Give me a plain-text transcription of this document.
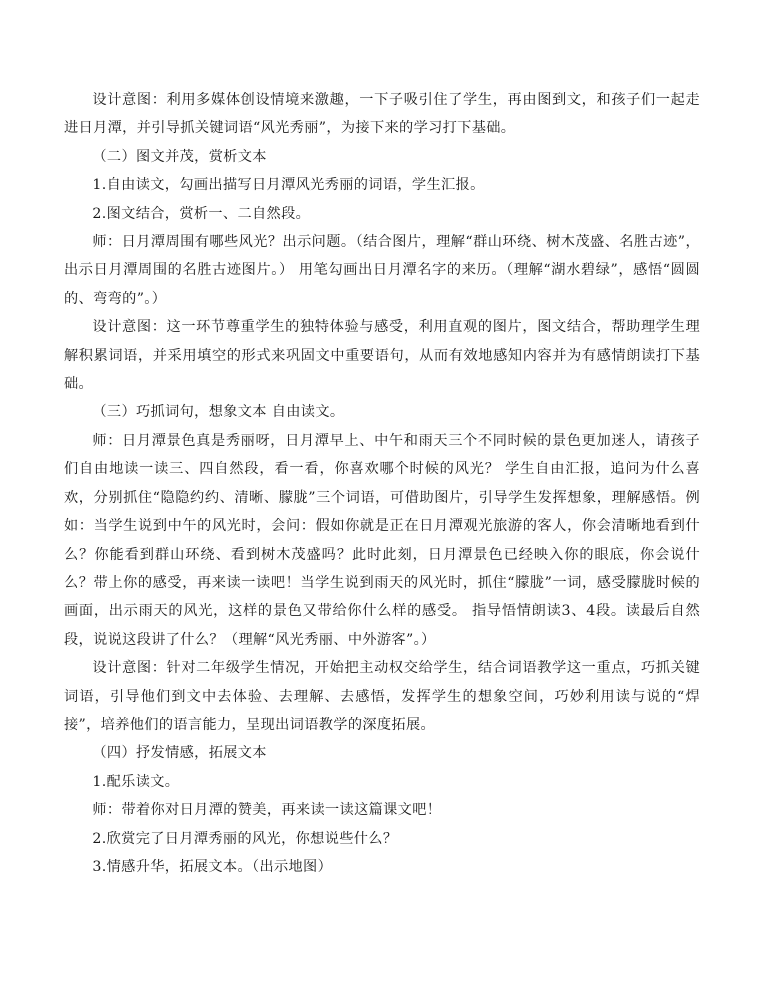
设计意图：利用多媒体创设情境来激趣，一下子吸引住了学生，再由图到文，和孩子们一起走进日月潭，并引导抓关键词语“风光秀丽”，为接下来的学习打下基础。

（二）图文并茂，赏析文本

1.自由读文，勾画出描写日月潭风光秀丽的词语，学生汇报。

2.图文结合，赏析一、二自然段。

师：日月潭周围有哪些风光？出示问题。（结合图片，理解“群山环绕、树木茂盛、名胜古迹”，出示日月潭周围的名胜古迹图片。） 用笔勾画出日月潭名字的来历。（理解“湖水碧绿”，感悟“圆圆的、弯弯的”。）

设计意图：这一环节尊重学生的独特体验与感受，利用直观的图片，图文结合，帮助理学生理解积累词语，并采用填空的形式来巩固文中重要语句，从而有效地感知内容并为有感情朗读打下基础。

（三）巧抓词句，想象文本 自由读文。

师：日月潭景色真是秀丽呀，日月潭早上、中午和雨天三个不同时候的景色更加迷人，请孩子们自由地读一读三、四自然段，看一看，你喜欢哪个时候的风光？ 学生自由汇报，追问为什么喜欢，分别抓住“隐隐约约、清晰、朦胧”三个词语，可借助图片，引导学生发挥想象，理解感悟。例如：当学生说到中午的风光时，会问：假如你就是正在日月潭观光旅游的客人，你会清晰地看到什么？你能看到群山环绕、看到树木茂盛吗？此时此刻，日月潭景色已经映入你的眼底，你会说什么？带上你的感受，再来读一读吧！当学生说到雨天的风光时，抓住“朦胧”一词，感受朦胧时候的画面，出示雨天的风光，这样的景色又带给你什么样的感受。 指导悟情朗读3、4段。读最后自然段，说说这段讲了什么？（理解“风光秀丽、中外游客”。）

设计意图：针对二年级学生情况，开始把主动权交给学生，结合词语教学这一重点，巧抓关键词语，引导他们到文中去体验、去理解、去感悟，发挥学生的想象空间，巧妙利用读与说的“焊接”，培养他们的语言能力，呈现出词语教学的深度拓展。

（四）抒发情感，拓展文本

1.配乐读文。

师：带着你对日月潭的赞美，再来读一读这篇课文吧！

2.欣赏完了日月潭秀丽的风光，你想说些什么？

3.情感升华，拓展文本。（出示地图）
